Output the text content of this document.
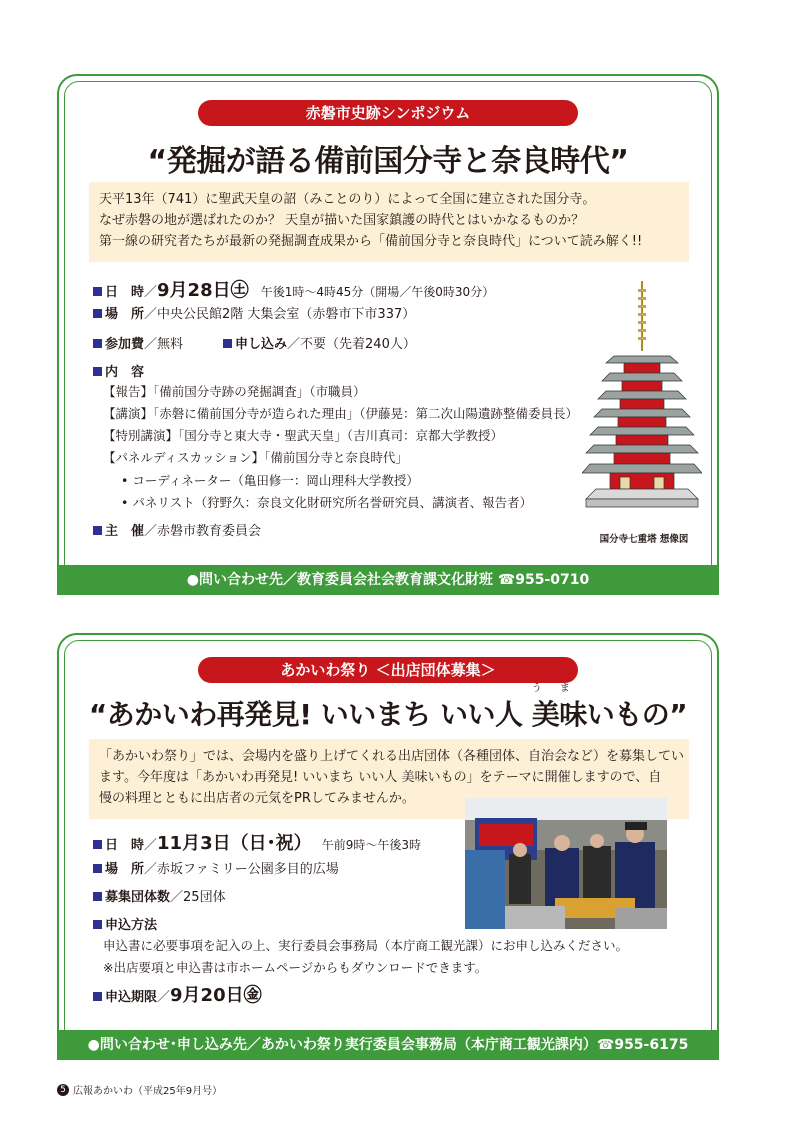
赤磐市史跡シンポジウム
“発掘が語る備前国分寺と奈良時代”
天平13年（741）に聖武天皇の詔（みことのり）によって全国に建立された国分寺。
なぜ赤磐の地が選ばれたのか？ 天皇が描いた国家鎮護の時代とはいかなるものか？
第一線の研究者たちが最新の発掘調査成果から「備前国分寺と奈良時代」について読み解く!!
日　時／9月28日㊏ 午後1時～4時45分（開場／午後0時30分）
場　所／中央公民館2階 大集会室（赤磐市下市337）
参加費／無料	申し込み／不要（先着240人）
内　容
【報告】「備前国分寺跡の発掘調査」（市職員）
【講演】「赤磐に備前国分寺が造られた理由」（伊藤晃：第二次山陽遺跡整備委員長）
【特別講演】「国分寺と東大寺・聖武天皇」（吉川真司：京都大学教授）
【パネルディスカッション】「備前国分寺と奈良時代」
• コーディネーター（亀田修一：岡山理科大学教授）
• パネリスト（狩野久：奈良文化財研究所名誉研究員、講演者、報告者）
主　催／赤磐市教育委員会
国分寺七重塔 想像図
●問い合わせ先／教育委員会社会教育課文化財班 ☎955-0710
あかいわ祭り ＜出店団体募集＞
“あかいわ再発見! いいまち いい人
うま
美味いもの”
「あかいわ祭り」では、会場内を盛り上げてくれる出店団体（各種団体、自治会など）を募集してい
ます。今年度は「あかいわ再発見! いいまち いい人 美味いもの」をテーマに開催しますので、自
慢の料理とともに出店者の元気をPRしてみませんか。
日　時／11月3日（日･祝） 午前9時～午後3時
場　所／赤坂ファミリー公園多目的広場
募集団体数／25団体
申込方法
申込書に必要事項を記入の上、実行委員会事務局（本庁商工観光課）にお申し込みください。
※出店要項と申込書は市ホームページからもダウンロードできます。
申込期限／9月20日㊎
●問い合わせ･申し込み先／あかいわ祭り実行委員会事務局（本庁商工観光課内）☎955-6175
5 広報あかいわ（平成25年9月号）
